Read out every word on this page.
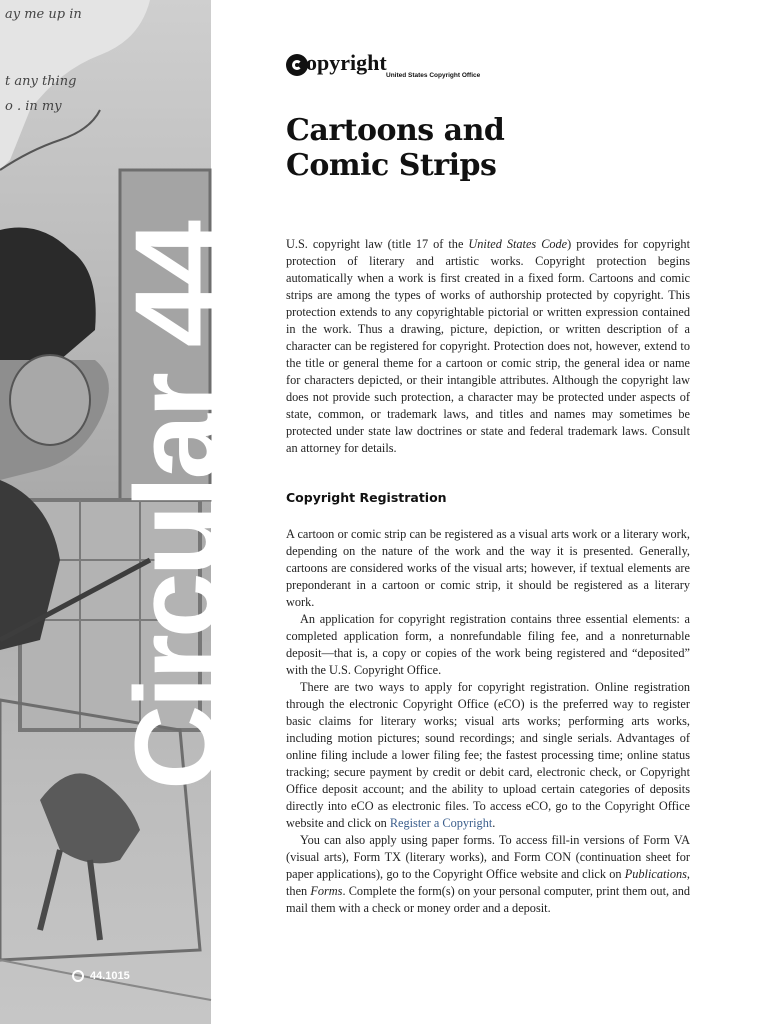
ay me up in
t any thing
o . in my
Circular 44
44.1015
opyright
United States Copyright Office
Cartoons and
Comic Strips

U.S. copyright law (title 17 of the United States Code) provides for copyright protection of literary and artistic works. Copyright protection begins automatically when a work is first created in a fixed form. Cartoons and comic strips are among the types of works of authorship protected by copyright. This protection extends to any copyrightable pictorial or written expression contained in the work. Thus a drawing, picture, depiction, or written description of a character can be registered for copyright. Protection does not, however, extend to the title or general theme for a cartoon or comic strip, the general idea or name for characters depicted, or their intangible attributes. Although the copyright law does not provide such protection, a character may be protected under aspects of state, common, or trademark laws, and titles and names may sometimes be protected under state law doctrines or state and federal trademark laws. Consult an attorney for details.

Copyright Registration

A cartoon or comic strip can be registered as a visual arts work or a literary work, depending on the nature of the work and the way it is presented. Generally, cartoons are considered works of the visual arts; however, if textual elements are preponderant in a cartoon or comic strip, it should be registered as a literary work.

An application for copyright registration contains three essential elements: a completed application form, a nonrefundable filing fee, and a nonreturnable deposit—that is, a copy or copies of the work being registered and “deposited” with the U.S. Copyright Office.

There are two ways to apply for copyright registration. Online registration through the electronic Copyright Office (eCO) is the preferred way to register basic claims for literary works; visual arts works; performing arts works, including motion pictures; sound recordings; and single serials. Advantages of online filing include a lower filing fee; the fastest processing time; online status tracking; secure payment by credit or debit card, electronic check, or Copyright Office deposit account; and the ability to upload certain categories of deposits directly into eCO as electronic files. To access eCO, go to the Copyright Office website and click on Register a Copyright.

You can also apply using paper forms. To access fill-in versions of Form VA (visual arts), Form TX (literary works), and Form CON (continuation sheet for paper applications), go to the Copyright Office website and click on Publications, then Forms. Complete the form(s) on your personal computer, print them out, and mail them with a check or money order and a deposit.
